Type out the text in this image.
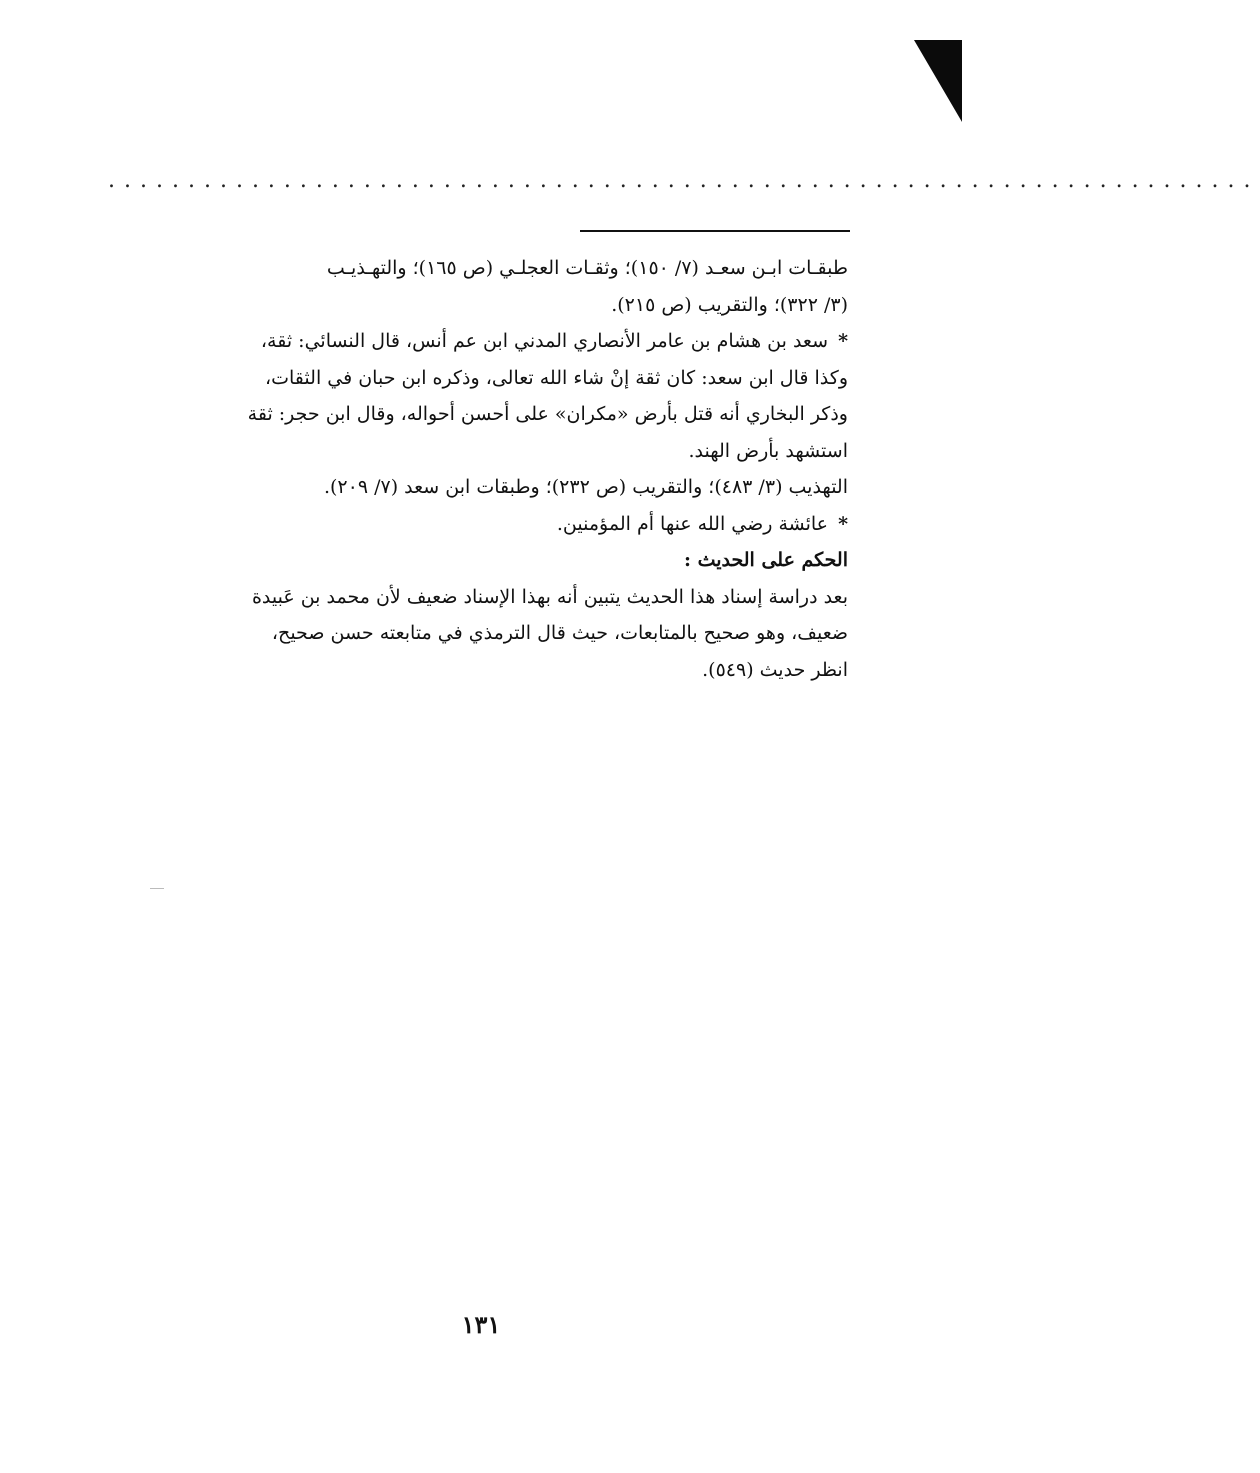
........................................................................

طبقـات ابـن سعـد (٧/ ١٥٠)؛ وثقـات العجلـي (ص ١٦٥)؛ والتهـذيـب

(٣/ ٣٢٢)؛ والتقريب (ص ٢١٥).

* سعد بن هشام بن عامر الأنصاري المدني ابن عم أنس، قال النسائي: ثقة،

وكذا قال ابن سعد: كان ثقة إنْ شاء الله تعالى، وذكره ابن حبان في الثقات،

وذكر البخاري أنه قتل بأرض «مكران» على أحسن أحواله، وقال ابن حجر: ثقة

استشهد بأرض الهند.

التهذيب (٣/ ٤٨٣)؛ والتقريب (ص ٢٣٢)؛ وطبقات ابن سعد (٧/ ٢٠٩).

* عائشة رضي الله عنها أم المؤمنين.

الحكم على الحديث :

بعد دراسة إسناد هذا الحديث يتبين أنه بهذا الإسناد ضعيف لأن محمد بن عَبيدة

ضعيف، وهو صحيح بالمتابعات، حيث قال الترمذي في متابعته حسن صحيح،

انظر حديث (٥٤٩).

١٣١
